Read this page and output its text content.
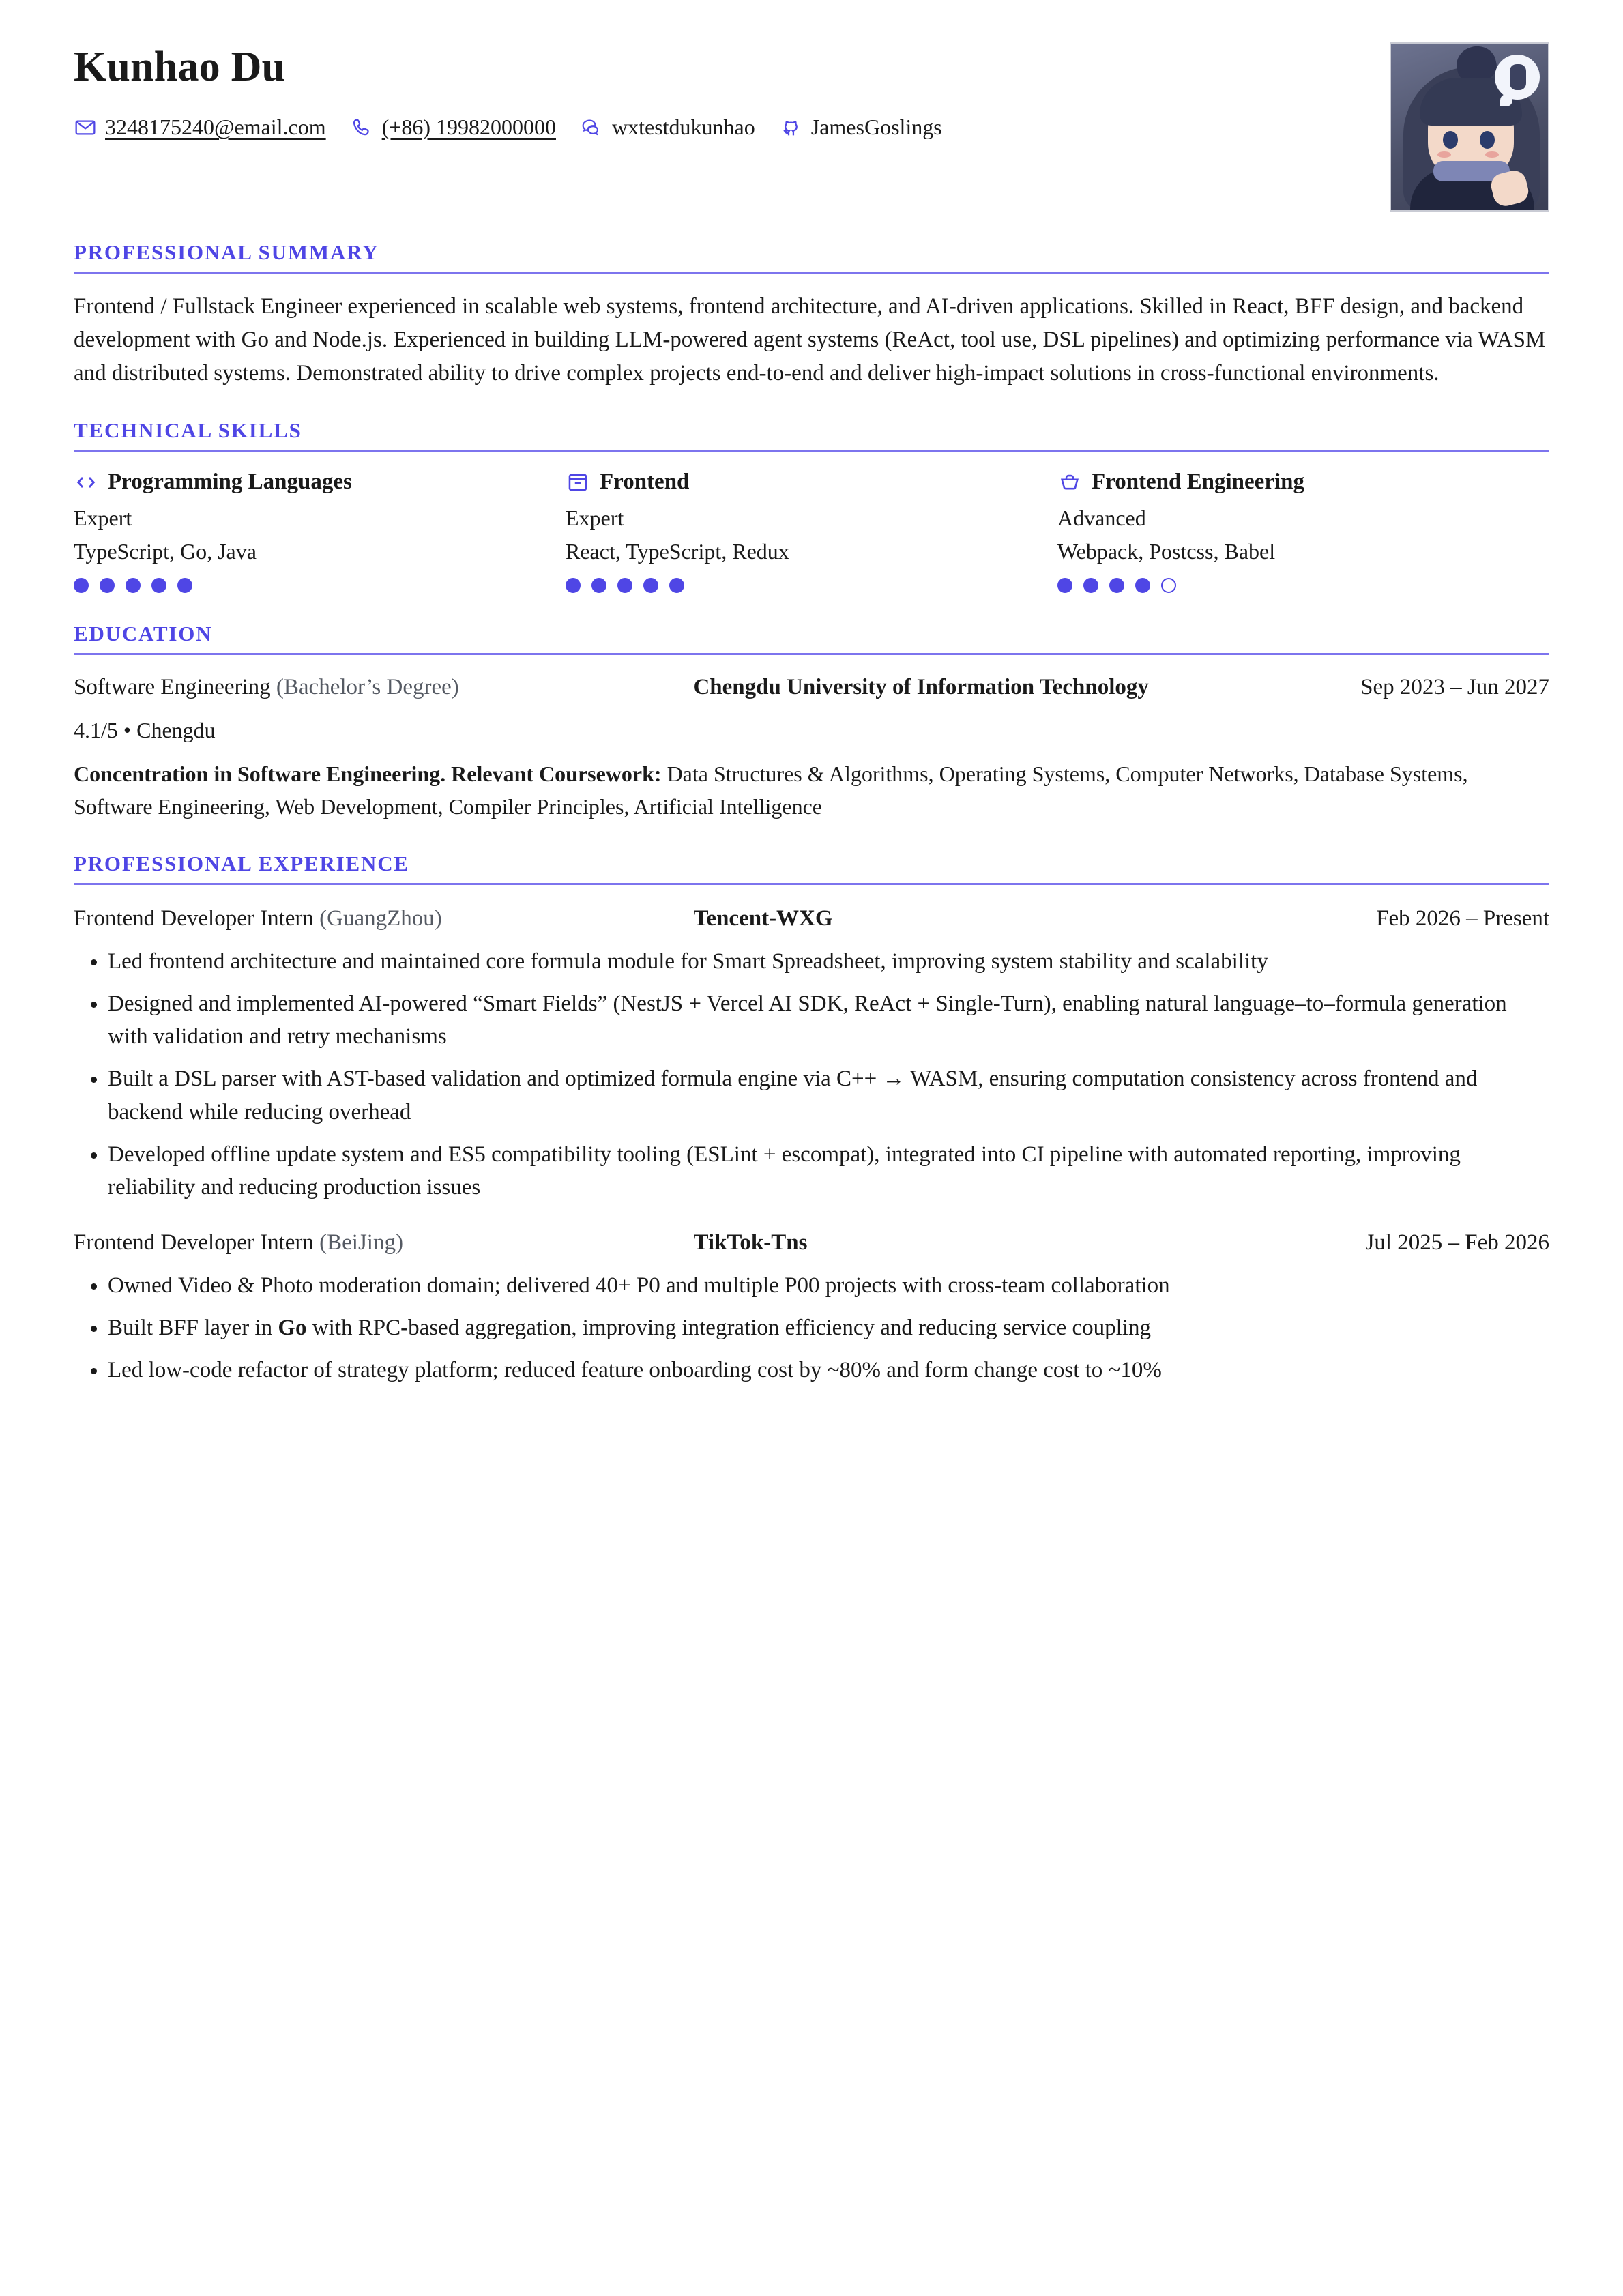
Kunhao Du
3248175240@email.com	(+86) 19982000000	wxtestdukunhao	JamesGoslings
PROFESSIONAL SUMMARY
Frontend / Fullstack Engineer experienced in scalable web systems, frontend architecture, and AI-driven applications. Skilled in React, BFF design, and backend development with Go and Node.js. Experienced in building LLM-powered agent systems (ReAct, tool use, DSL pipelines) and optimizing performance via WASM and distributed systems. Demonstrated ability to drive complex projects end-to-end and deliver high-impact solutions in cross-functional environments.
TECHNICAL SKILLS
Programming Languages
Expert
TypeScript, Go, Java
Frontend
Expert
React, TypeScript, Redux
Frontend Engineering
Advanced
Webpack, Postcss, Babel
EDUCATION
Software Engineering (Bachelor’s Degree)	Chengdu University of Information Technology	Sep 2023 – Jun 2027
4.1/5 • Chengdu
Concentration in Software Engineering. Relevant Coursework: Data Structures & Algorithms, Operating Systems, Computer Networks, Database Systems, Software Engineering, Web Development, Compiler Principles, Artificial Intelligence
PROFESSIONAL EXPERIENCE
Frontend Developer Intern (GuangZhou)	Tencent-WXG	Feb 2026 – Present
• Led frontend architecture and maintained core formula module for Smart Spreadsheet, improving system stability and scalability
• Designed and implemented AI-powered “Smart Fields” (NestJS + Vercel AI SDK, ReAct + Single-Turn), enabling natural language–to–formula generation with validation and retry mechanisms
• Built a DSL parser with AST-based validation and optimized formula engine via C++ → WASM, ensuring computation consistency across frontend and backend while reducing overhead
• Developed offline update system and ES5 compatibility tooling (ESLint + escompat), integrated into CI pipeline with automated reporting, improving reliability and reducing production issues
Frontend Developer Intern (BeiJing)	TikTok-Tns	Jul 2025 – Feb 2026
• Owned Video & Photo moderation domain; delivered 40+ P0 and multiple P00 projects with cross-team collaboration
• Built BFF layer in Go with RPC-based aggregation, improving integration efficiency and reducing service coupling
• Led low-code refactor of strategy platform; reduced feature onboarding cost by ~80% and form change cost to ~10%
